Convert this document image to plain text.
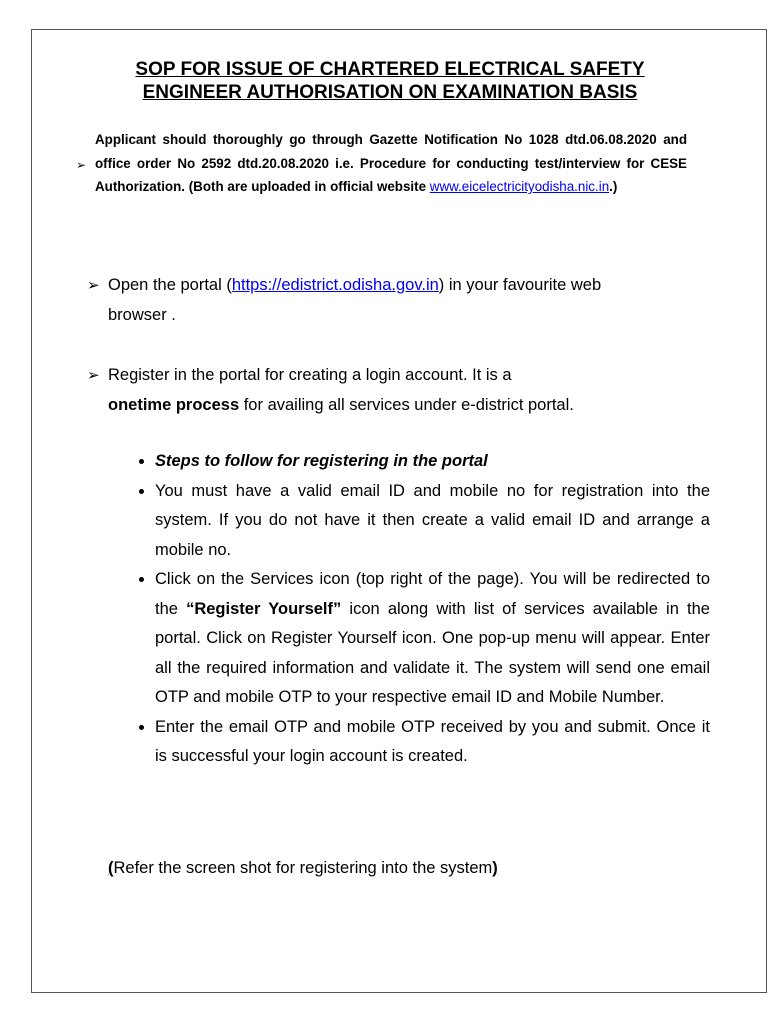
SOP FOR ISSUE OF CHARTERED ELECTRICAL SAFETY
ENGINEER AUTHORISATION ON EXAMINATION BASIS
➢
Applicant should thoroughly go through Gazette Notification No 1028 dtd.06.08.2020 and office order No 2592 dtd.20.08.2020 i.e. Procedure for conducting test/interview for CESE Authorization. (Both are uploaded in official website www.eicelectricityodisha.nic.in.)
➢ Open the portal (https://edistrict.odisha.gov.in) in your favourite web browser .
➢ Register in the portal for creating a login account. It is a
onetime process for availing all services under e-district portal.
• Steps to follow for registering in the portal
• You must have a valid email ID and mobile no for registration into the system. If you do not have it then create a valid email ID and arrange a mobile no.
• Click on the Services icon (top right of the page). You will be redirected to the “Register Yourself” icon along with list of services available in the portal. Click on Register Yourself icon. One pop-up menu will appear. Enter all the required information and validate it. The system will send one email OTP and mobile OTP to your respective email ID and Mobile Number.
• Enter the email OTP and mobile OTP received by you and submit. Once it is successful your login account is created.
(Refer the screen shot for registering into the system)
